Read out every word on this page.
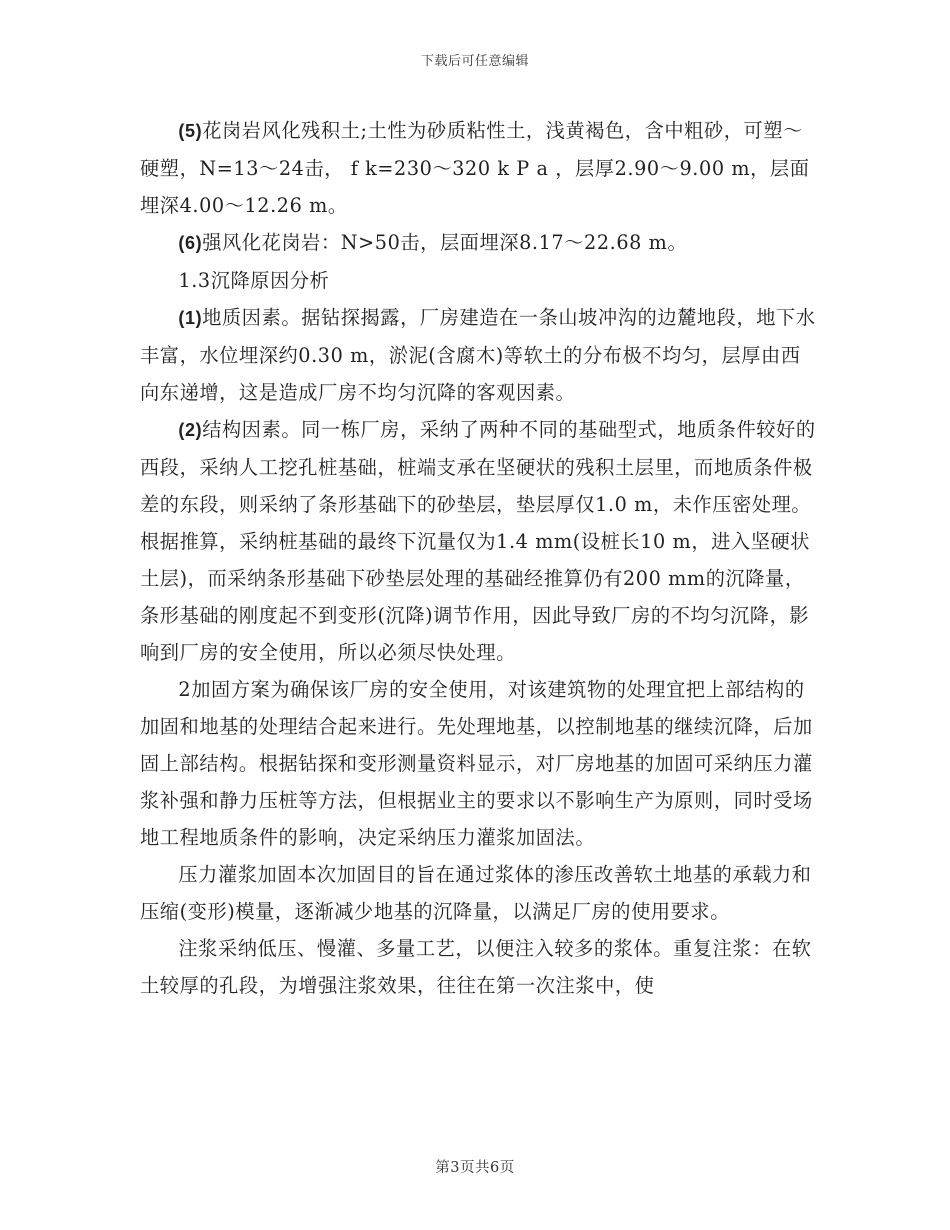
下载后可任意编辑

(5)花岗岩风化残积土;土性为砂质粘性土，浅黄褐色，含中粗砂，可塑～硬塑，N=13～24击， f k=230～320 k P a ，层厚2.90～9.00 m，层面埋深4.00～12.26 m。

(6)强风化花岗岩：N>50击，层面埋深8.17～22.68 m。

1.3沉降原因分析

(1)地质因素。据钻探揭露，厂房建造在一条山坡冲沟的边麓地段，地下水丰富，水位埋深约0.30 m，淤泥(含腐木)等软土的分布极不均匀，层厚由西向东递增，这是造成厂房不均匀沉降的客观因素。

(2)结构因素。同一栋厂房，采纳了两种不同的基础型式，地质条件较好的西段，采纳人工挖孔桩基础，桩端支承在坚硬状的残积土层里，而地质条件极差的东段，则采纳了条形基础下的砂垫层，垫层厚仅1.0 m，未作压密处理。根据推算，采纳桩基础的最终下沉量仅为1.4 mm(设桩长10 m，进入坚硬状土层)，而采纳条形基础下砂垫层处理的基础经推算仍有200 mm的沉降量，条形基础的刚度起不到变形(沉降)调节作用，因此导致厂房的不均匀沉降，影响到厂房的安全使用，所以必须尽快处理。

2加固方案为确保该厂房的安全使用，对该建筑物的处理宜把上部结构的加固和地基的处理结合起来进行。先处理地基，以控制地基的继续沉降，后加固上部结构。根据钻探和变形测量资料显示，对厂房地基的加固可采纳压力灌浆补强和静力压桩等方法，但根据业主的要求以不影响生产为原则，同时受场地工程地质条件的影响，决定采纳压力灌浆加固法。

压力灌浆加固本次加固目的旨在通过浆体的渗压改善软土地基的承载力和压缩(变形)模量，逐渐减少地基的沉降量，以满足厂房的使用要求。

注浆采纳低压、慢灌、多量工艺，以便注入较多的浆体。重复注浆：在软土较厚的孔段，为增强注浆效果，往往在第一次注浆中，使

第3页共6页
